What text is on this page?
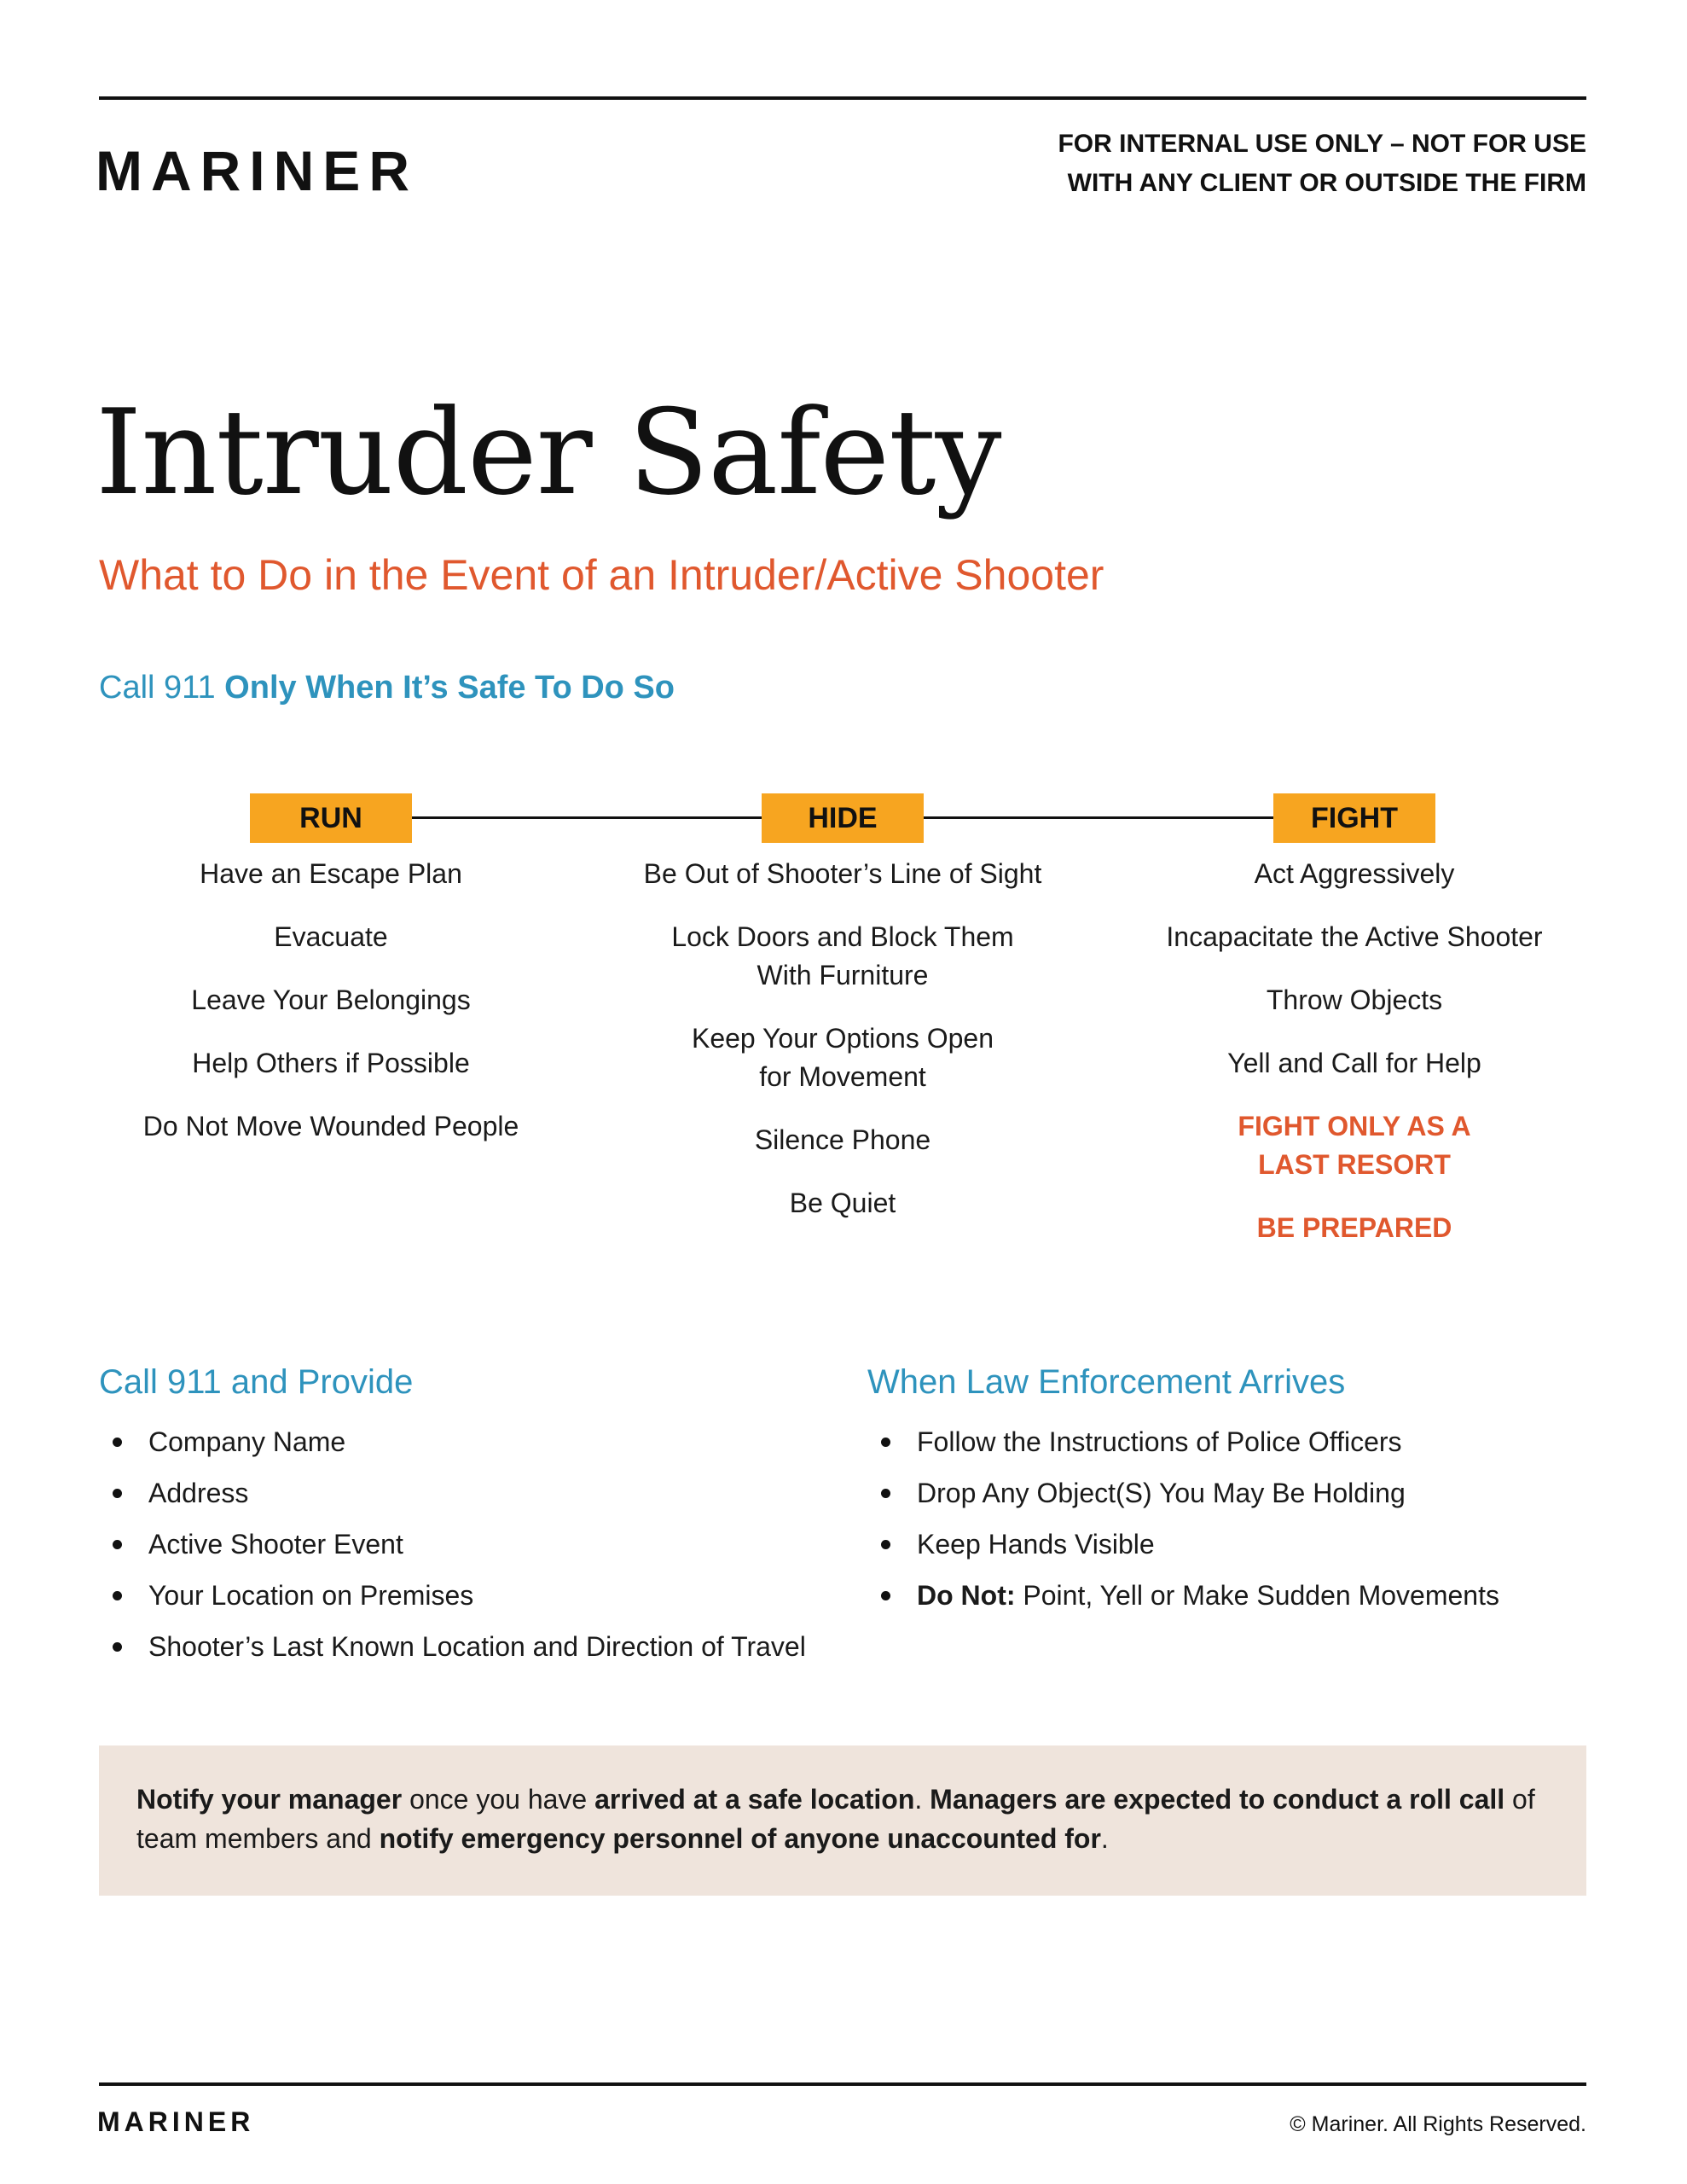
MARINER	FOR INTERNAL USE ONLY – NOT FOR USE
WITH ANY CLIENT OR OUTSIDE THE FIRM
Intruder Safety
What to Do in the Event of an Intruder/Active Shooter
Call 911 Only When It’s Safe To Do So
RUN
Have an Escape Plan
Evacuate
Leave Your Belongings
Help Others if Possible
Do Not Move Wounded People
HIDE
Be Out of Shooter’s Line of Sight
Lock Doors and Block Them With Furniture
Keep Your Options Open for Movement
Silence Phone
Be Quiet
FIGHT
Act Aggressively
Incapacitate the Active Shooter
Throw Objects
Yell and Call for Help
FIGHT ONLY AS A LAST RESORT
BE PREPARED
Call 911 and Provide
Company Name
Address
Active Shooter Event
Your Location on Premises
Shooter’s Last Known Location and Direction of Travel
When Law Enforcement Arrives
Follow the Instructions of Police Officers
Drop Any Object(S) You May Be Holding
Keep Hands Visible
Do Not: Point, Yell or Make Sudden Movements
Notify your manager once you have arrived at a safe location. Managers are expected to conduct a roll call of team members and notify emergency personnel of anyone unaccounted for.
MARINER	© Mariner. All Rights Reserved.
